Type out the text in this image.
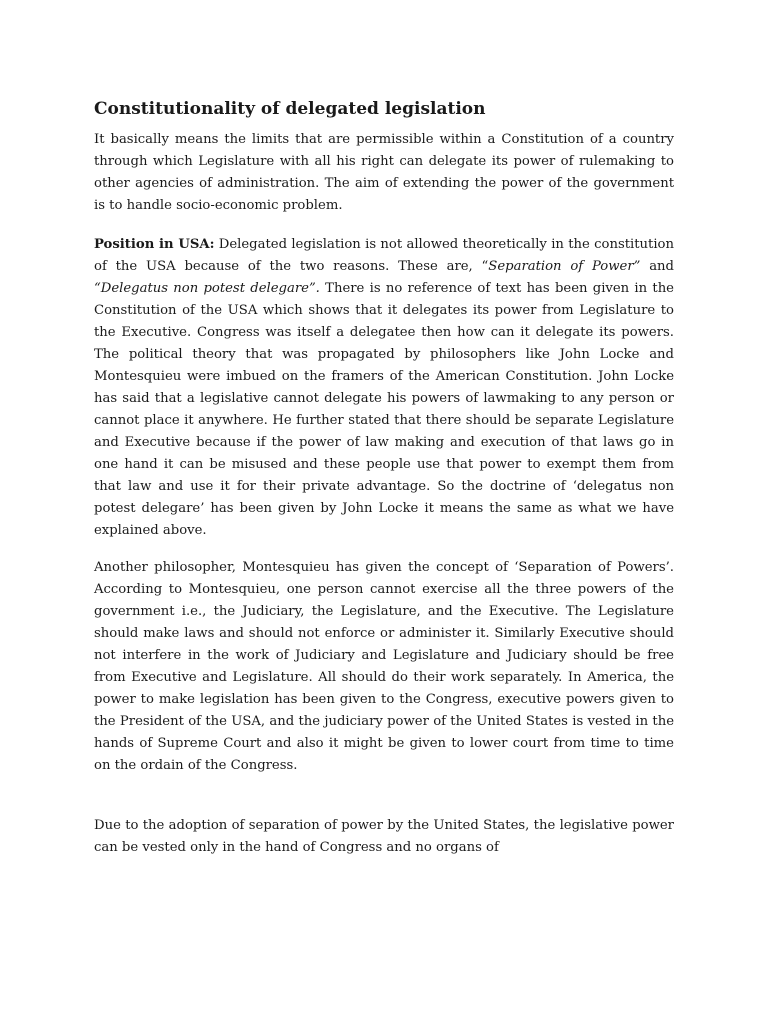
Constitutionality of delegated legislation

It basically means the limits that are permissible within a Constitution of a country through which Legislature with all his right can delegate its power of rulemaking to other agencies of administration. The aim of extending the power of the government is to handle socio-economic problem.

Position in USA: Delegated legislation is not allowed theoretically in the constitution of the USA because of the two reasons. These are, “Separation of Power” and “Delegatus non potest delegare”. There is no reference of text has been given in the Constitution of the USA which shows that it delegates its power from Legislature to the Executive. Congress was itself a delegatee then how can it delegate its powers. The political theory that was propagated by philosophers like John Locke and Montesquieu were imbued on the framers of the American Constitution. John Locke has said that a legislative cannot delegate his powers of lawmaking to any person or cannot place it anywhere. He further stated that there should be separate Legislature and Executive because if the power of law making and execution of that laws go in one hand it can be misused and these people use that power to exempt them from that law and use it for their private advantage. So the doctrine of ‘delegatus non potest delegare’ has been given by John Locke it means the same as what we have explained above.

Another philosopher, Montesquieu has given the concept of ‘Separation of Powers’. According to Montesquieu, one person cannot exercise all the three powers of the government i.e., the Judiciary, the Legislature, and the Executive. The Legislature should make laws and should not enforce or administer it. Similarly Executive should not interfere in the work of Judiciary and Legislature and Judiciary should be free from Executive and Legislature. All should do their work separately. In America, the power to make legislation has been given to the Congress, executive powers given to the President of the USA, and the judiciary power of the United States is vested in the hands of Supreme Court and also it might be given to lower court from time to time on the ordain of the Congress.

Due to the adoption of separation of power by the United States, the legislative power can be vested only in the hand of Congress and no organs of
